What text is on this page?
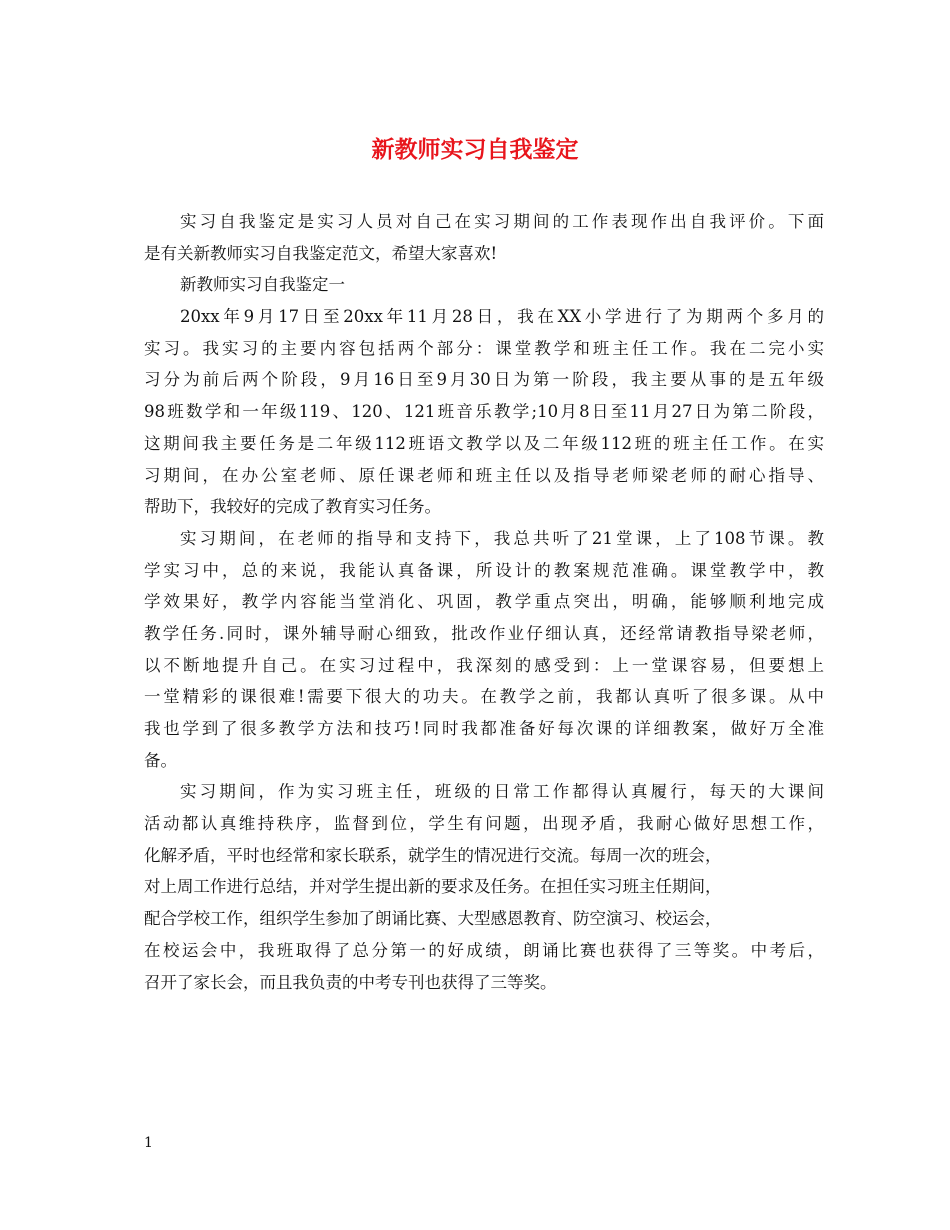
新教师实习自我鉴定
实习自我鉴定是实习人员对自己在实习期间的工作表现作出自我评价。下面
是有关新教师实习自我鉴定范文，希望大家喜欢!
新教师实习自我鉴定一
20xx年9月17日至20xx年11月28日，我在XX小学进行了为期两个多月的
实习。我实习的主要内容包括两个部分：课堂教学和班主任工作。我在二完小实
习分为前后两个阶段，9月16日至9月30日为第一阶段，我主要从事的是五年级
98班数学和一年级119、120、121班音乐教学;10月8日至11月27日为第二阶段，
这期间我主要任务是二年级112班语文教学以及二年级112班的班主任工作。在实
习期间，在办公室老师、原任课老师和班主任以及指导老师梁老师的耐心指导、
帮助下，我较好的完成了教育实习任务。
实习期间，在老师的指导和支持下，我总共听了21堂课，上了108节课。教
学实习中，总的来说，我能认真备课，所设计的教案规范准确。课堂教学中，教
学效果好，教学内容能当堂消化、巩固，教学重点突出，明确，能够顺利地完成
教学任务.同时，课外辅导耐心细致，批改作业仔细认真，还经常请教指导梁老师，
以不断地提升自己。在实习过程中，我深刻的感受到：上一堂课容易，但要想上
一堂精彩的课很难!需要下很大的功夫。在教学之前，我都认真听了很多课。从中
我也学到了很多教学方法和技巧!同时我都准备好每次课的详细教案，做好万全准
备。
实习期间，作为实习班主任，班级的日常工作都得认真履行，每天的大课间
活动都认真维持秩序，监督到位，学生有问题，出现矛盾，我耐心做好思想工作，
化解矛盾，平时也经常和家长联系，就学生的情况进行交流。每周一次的班会，
对上周工作进行总结，并对学生提出新的要求及任务。在担任实习班主任期间，
配合学校工作，组织学生参加了朗诵比赛、大型感恩教育、防空演习、校运会，
在校运会中，我班取得了总分第一的好成绩，朗诵比赛也获得了三等奖。中考后，
召开了家长会，而且我负责的中考专刊也获得了三等奖。
1
